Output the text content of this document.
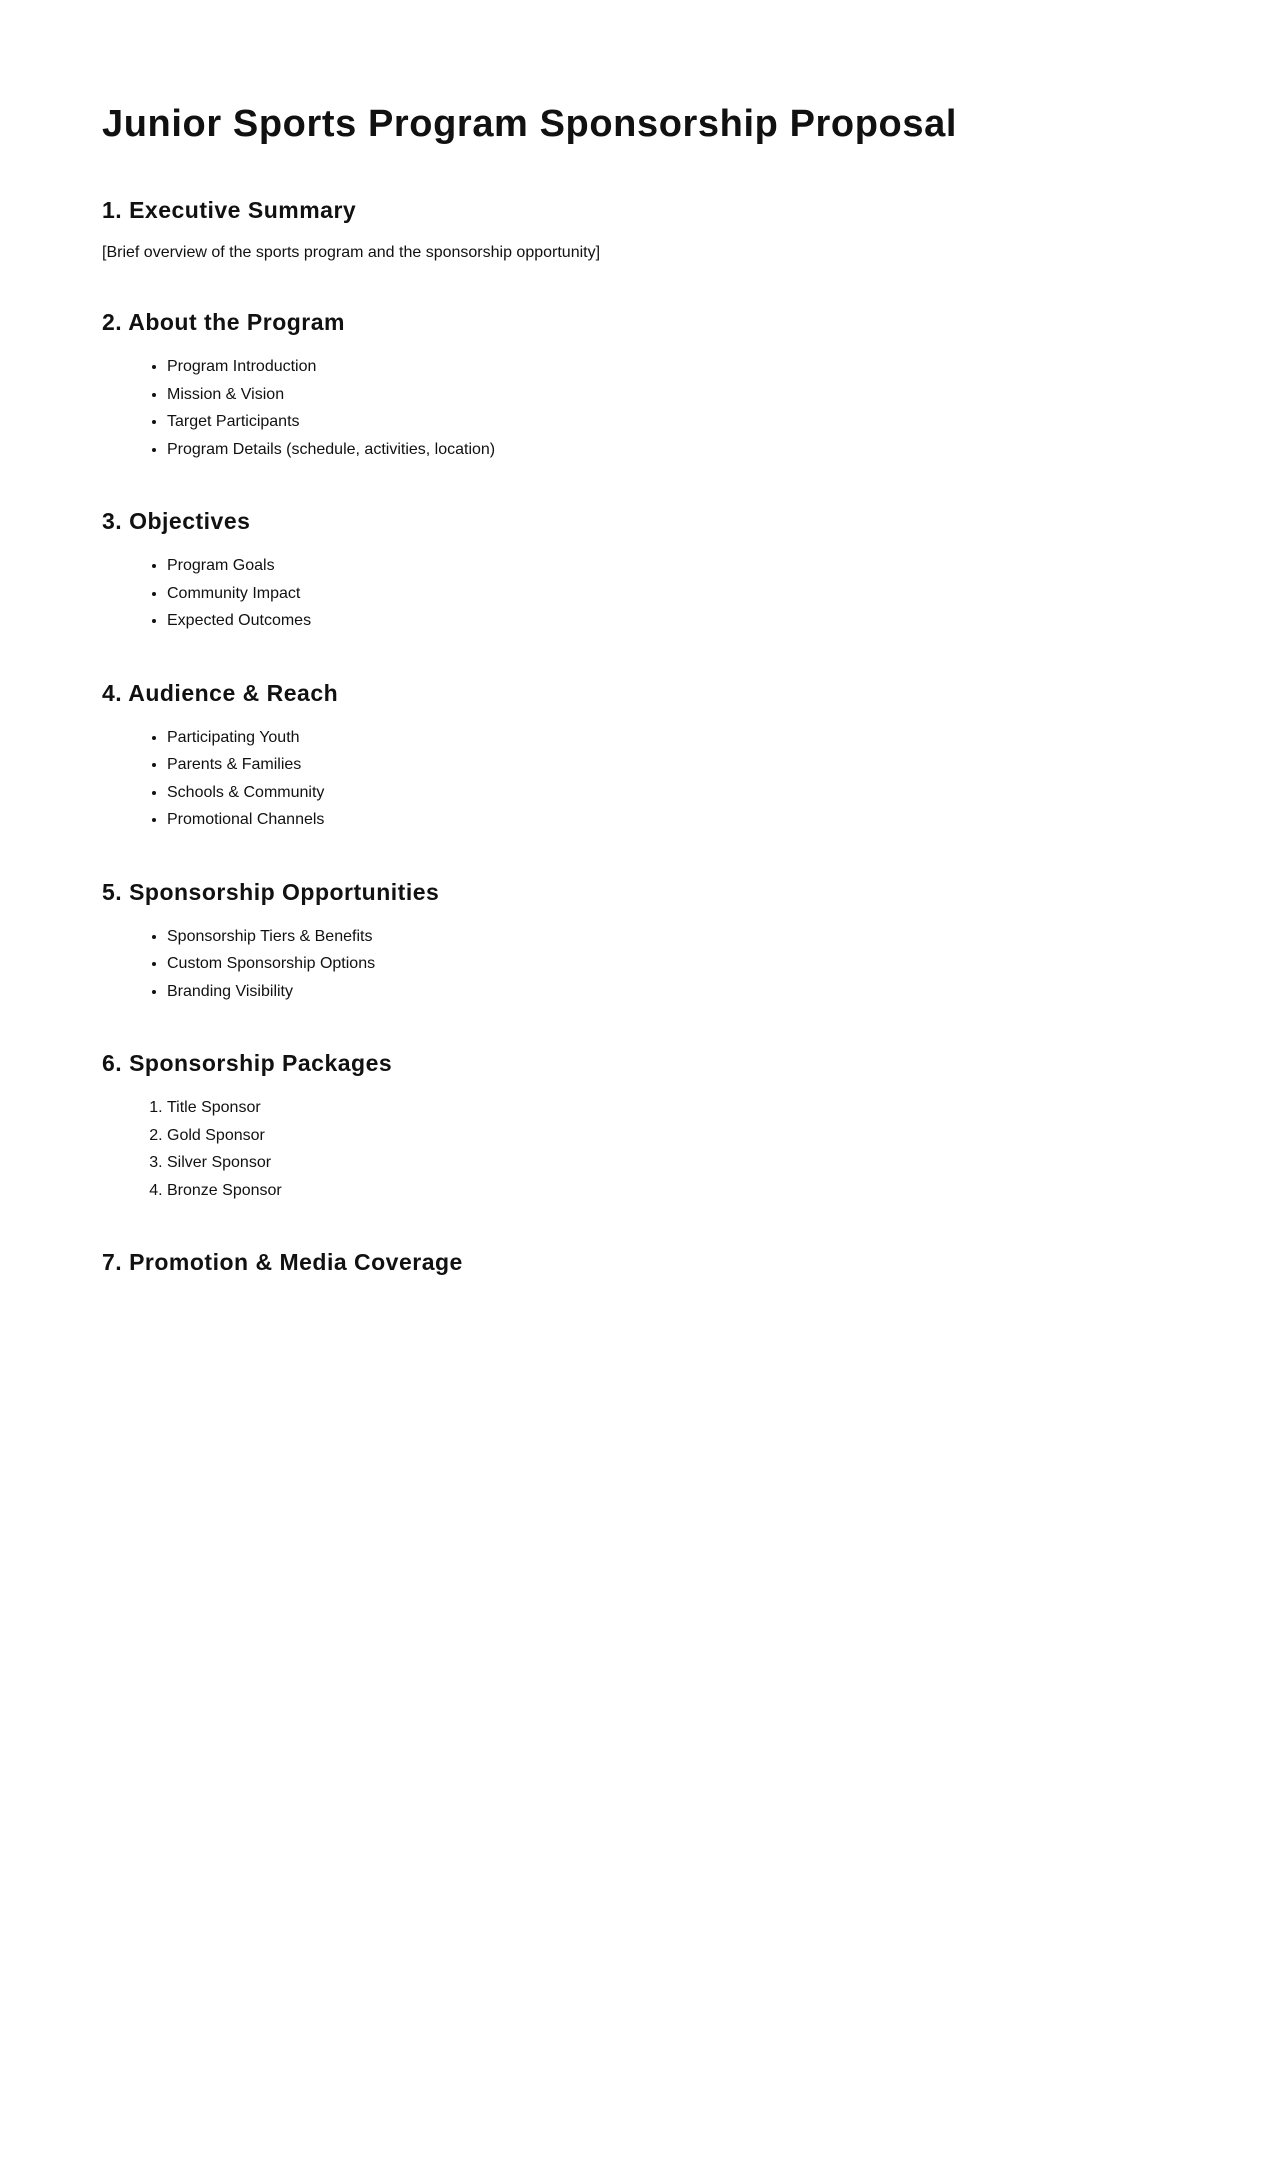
Junior Sports Program Sponsorship Proposal
1. Executive Summary

[Brief overview of the sports program and the sponsorship opportunity]

2. About the Program
• Program Introduction
• Mission & Vision
• Target Participants
• Program Details (schedule, activities, location)
3. Objectives
• Program Goals
• Community Impact
• Expected Outcomes
4. Audience & Reach
• Participating Youth
• Parents & Families
• Schools & Community
• Promotional Channels
5. Sponsorship Opportunities
• Sponsorship Tiers & Benefits
• Custom Sponsorship Options
• Branding Visibility
6. Sponsorship Packages
1. Title Sponsor
2. Gold Sponsor
3. Silver Sponsor
4. Bronze Sponsor
7. Promotion & Media Coverage
